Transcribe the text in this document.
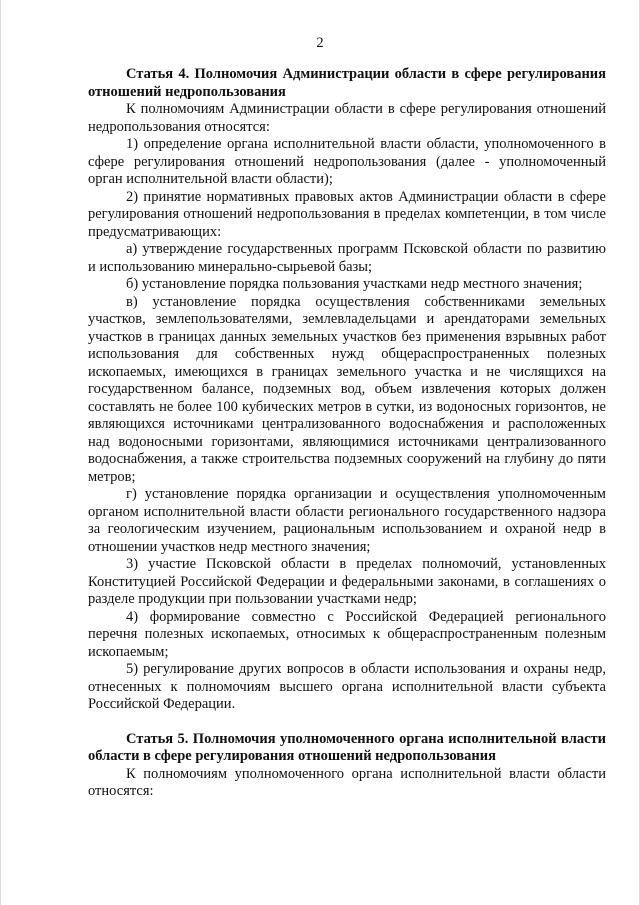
2

Статья 4. Полномочия Администрации области в сфере регулирования отношений недропользования

К полномочиям Администрации области в сфере регулирования отношений недропользования относятся:

1) определение органа исполнительной власти области, уполномоченного в сфере регулирования отношений недропользования (далее - уполномоченный орган исполнительной власти области);

2) принятие нормативных правовых актов Администрации области в сфере регулирования отношений недропользования в пределах компетенции, в том числе предусматривающих:

а) утверждение государственных программ Псковской области по развитию и использованию минерально-сырьевой базы;

б) установление порядка пользования участками недр местного значения;

в) установление порядка осуществления собственниками земельных участков, землепользователями, землевладельцами и арендаторами земельных участков в границах данных земельных участков без применения взрывных работ использования для собственных нужд общераспространенных полезных ископаемых, имеющихся в границах земельного участка и не числящихся на государственном балансе, подземных вод, объем извлечения которых должен составлять не более 100 кубических метров в сутки, из водоносных горизонтов, не являющихся источниками централизованного водоснабжения и расположенных над водоносными горизонтами, являющимися источниками централизованного водоснабжения, а также строительства подземных сооружений на глубину до пяти метров;

г) установление порядка организации и осуществления уполномоченным органом исполнительной власти области регионального государственного надзора за геологическим изучением, рациональным использованием и охраной недр в отношении участков недр местного значения;

3) участие Псковской области в пределах полномочий, установленных Конституцией Российской Федерации и федеральными законами, в соглашениях о разделе продукции при пользовании участками недр;

4) формирование совместно с Российской Федерацией регионального перечня полезных ископаемых, относимых к общераспространенным полезным ископаемым;

5) регулирование других вопросов в области использования и охраны недр, отнесенных к полномочиям высшего органа исполнительной власти субъекта Российской Федерации.

Статья 5. Полномочия уполномоченного органа исполнительной власти области в сфере регулирования отношений недропользования

К полномочиям уполномоченного органа исполнительной власти области относятся:
